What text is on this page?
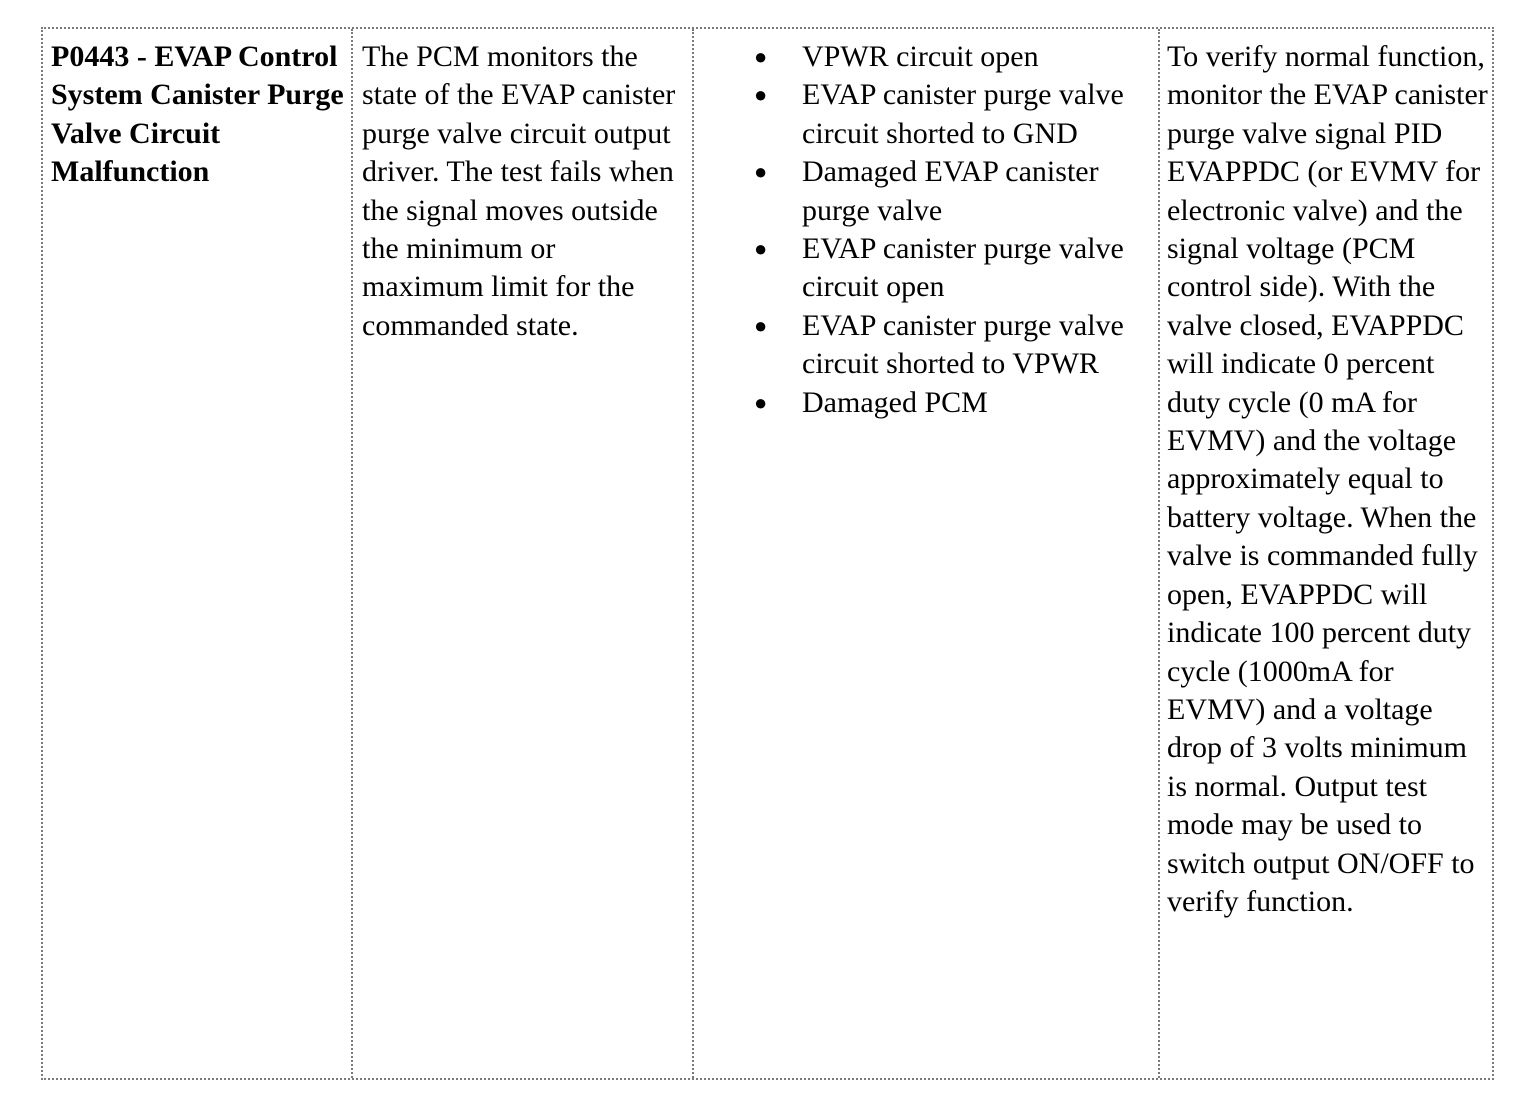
P0443 - EVAP Control System Canister Purge Valve Circuit Malfunction
The PCM monitors the state of the EVAP canister purge valve circuit output driver. The test fails when the signal moves outside the minimum or maximum limit for the commanded state.
● VPWR circuit open
● EVAP canister purge valve circuit shorted to GND
● Damaged EVAP canister purge valve
● EVAP canister purge valve circuit open
● EVAP canister purge valve circuit shorted to VPWR
● Damaged PCM
To verify normal function, monitor the EVAP canister purge valve signal PID EVAPPDC (or EVMV for electronic valve) and the signal voltage (PCM control side). With the valve closed, EVAPPDC will indicate 0 percent duty cycle (0 mA for EVMV) and the voltage approximately equal to battery voltage. When the valve is commanded fully open, EVAPPDC will indicate 100 percent duty cycle (1000mA for EVMV) and a voltage drop of 3 volts minimum is normal. Output test mode may be used to switch output ON/OFF to verify function.
